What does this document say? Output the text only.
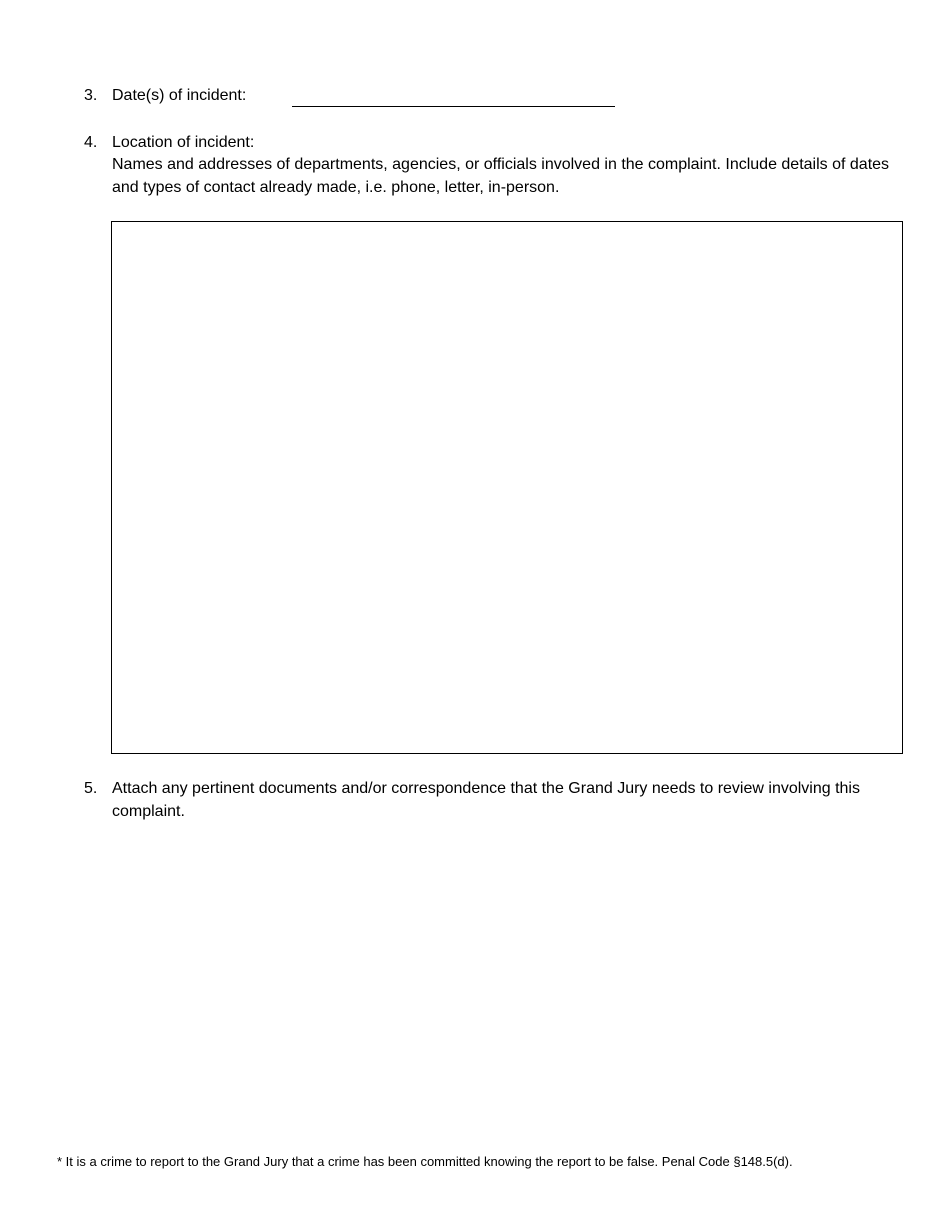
3. Date(s) of incident:
4. Location of incident:
Names and addresses of departments, agencies, or officials involved in the complaint. Include details of dates and types of contact already made, i.e. phone, letter, in-person.
5. Attach any pertinent documents and/or correspondence that the Grand Jury needs to review involving this complaint.
* It is a crime to report to the Grand Jury that a crime has been committed knowing the report to be false. Penal Code §148.5(d).
